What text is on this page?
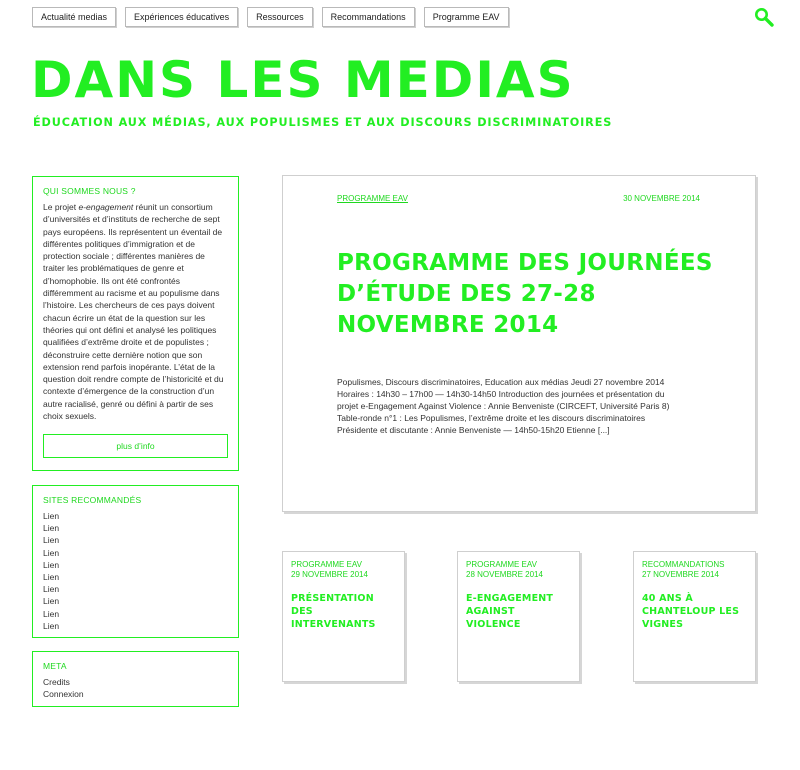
Actualité medias	Expériences éducatives	Ressources	Recommandations	Programme EAV
DANS LES MEDIAS
ÉDUCATION AUX MÉDIAS, AUX POPULISMES ET AUX DISCOURS DISCRIMINATOIRES
QUI SOMMES NOUS ?

Le projet e-engagement réunit un consortium d’universités et d’instituts de recherche de sept pays européens. Ils représentent un éventail de différentes politiques d’immigration et de protection sociale ; différentes manières de traiter les problématiques de genre et d’homophobie. Ils ont été confrontés différemment au racisme et au populisme dans l’histoire. Les chercheurs de ces pays doivent chacun écrire un état de la question sur les théories qui ont défini et analysé les politiques qualifiées d’extrême droite et de populistes ; déconstruire cette dernière notion que son extension rend parfois inopérante. L’état de la question doit rendre compte de l’historicité et du contexte d’émergence de la construction d’un autre racialisé, genré ou défini à partir de ses choix sexuels.

plus d’info
SITES RECOMMANDÉS
Lien
Lien
Lien
Lien
Lien
Lien
Lien
Lien
Lien
Lien
META
Credits
Connexion
PROGRAMME EAV	30 NOVEMBRE 2014
PROGRAMME DES JOURNÉES D’ÉTUDE DES 27-28 NOVEMBRE 2014

Populismes, Discours discriminatoires, Education aux médias Jeudi 27 novembre 2014 Horaires : 14h30 – 17h00 — 14h30-14h50 Introduction des journées et présentation du projet e-Engagement Against Violence : Annie Benveniste (CIRCEFT, Université Paris 8) Table-ronde n°1 : Les Populismes, l’extrême droite et les discours discriminatoires Présidente et discutante : Annie Benveniste — 14h50-15h20 Etienne [...]

PROGRAMME EAV
29 NOVEMBRE 2014
PRÉSENTATION DES INTERVENANTS
PROGRAMME EAV
28 NOVEMBRE 2014
E-ENGAGEMENT AGAINST VIOLENCE
RECOMMANDATIONS
27 NOVEMBRE 2014
40 ANS À CHANTELOUP LES VIGNES
